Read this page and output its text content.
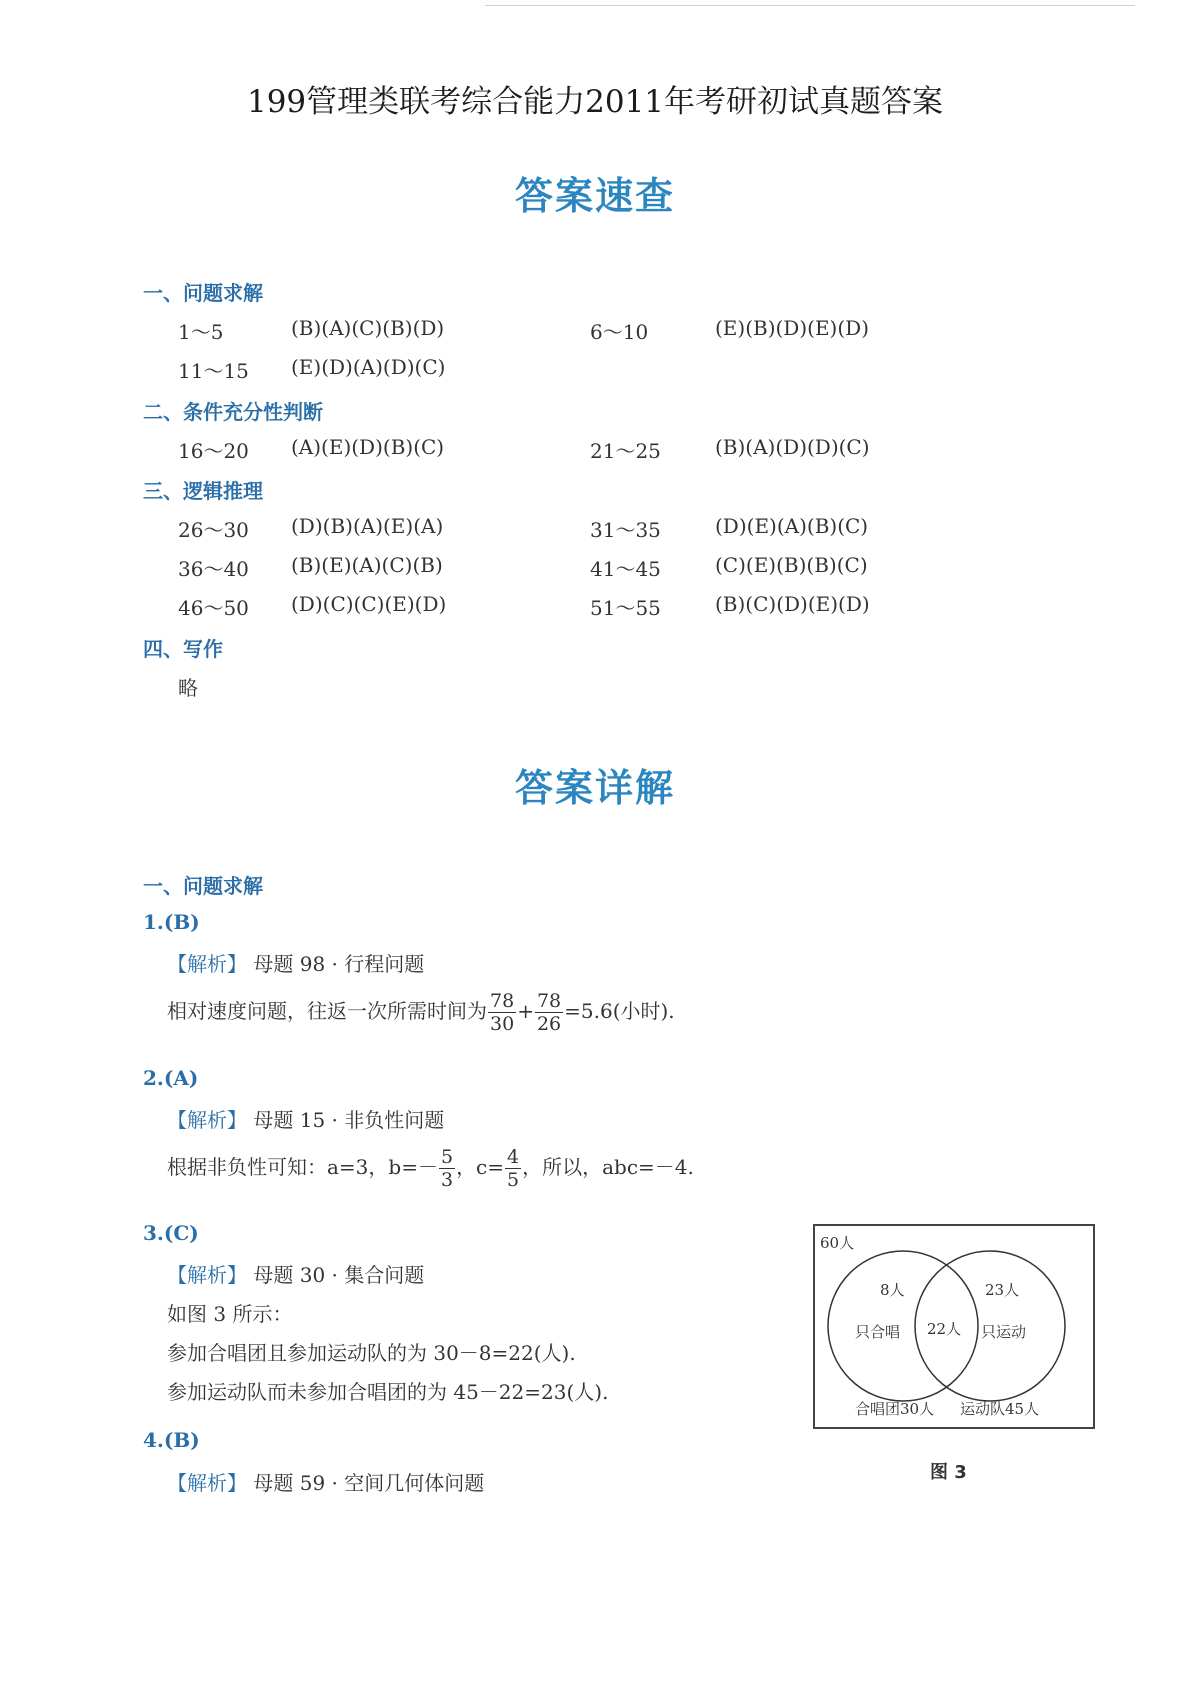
199管理类联考综合能力2011年考研初试真题答案
答案速查
一、问题求解
1～5	(B)(A)(C)(B)(D)	6～10	(E)(B)(D)(E)(D)
11～15 (E)(D)(A)(D)(C)
二、条件充分性判断
16～20 (A)(E)(D)(B)(C)	21～25	(B)(A)(D)(D)(C)
三、逻辑推理
26～30 (D)(B)(A)(E)(A)	31～35	(D)(E)(A)(B)(C)
36～40 (B)(E)(A)(C)(B)	41～45	(C)(E)(B)(B)(C)
46～50 (D)(C)(C)(E)(D)	51～55	(B)(C)(D)(E)(D)
四、写作
略
答案详解
一、问题求解
1.(B)
【解析】 母题 98 · 行程问题
相对速度问题，往返一次所需时间为 $\frac{78}{30} + \frac{78}{26} =5.6$(小时).
2.(A)
【解析】 母题 15 · 非负性问题
根据非负性可知：a=3，$b=- \frac{5}{3}$ ，$c= \frac{4}{5}$ ，所以，abc=－4.
3.(C)
【解析】 母题 30 · 集合问题
如图 3 所示：
参加合唱团且参加运动队的为 30－8=22(人).
参加运动队而未参加合唱团的为 45－22=23(人).
4.(B)
【解析】 母题 59 · 空间几何体问题
60人
8人
只合唱 22人
23人
只运动
合唱团30人 运动队45人
图 3
